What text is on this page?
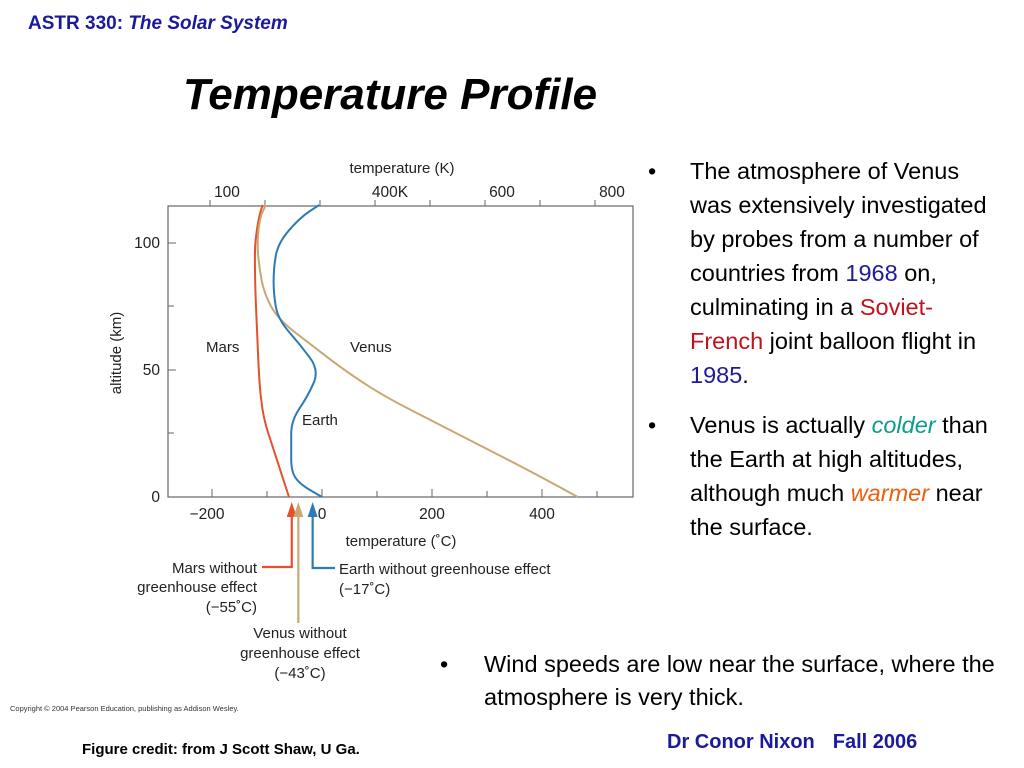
ASTR 330: The Solar System
Temperature Profile
temperature (K)
100	400K	600	800
altitude (km)
100
50
0
−200	0	200	400
temperature (˚C)
Mars	Venus
Earth
Mars without
greenhouse effect
(−55˚C)
Earth without greenhouse effect
(−17˚C)
Venus without
greenhouse effect
(−43˚C)
Copyright © 2004 Pearson Education, publishing as Addison Wesley.
•	The atmosphere of Venus was extensively investigated by probes from a number of countries from 1968 on, culminating in a Soviet-French joint balloon flight in 1985.
•	Venus is actually colder than the Earth at high altitudes, although much warmer near the surface.
•	Wind speeds are low near the surface, where the atmosphere is very thick.
Figure credit: from J Scott Shaw, U Ga.	Dr Conor Nixon Fall 2006
